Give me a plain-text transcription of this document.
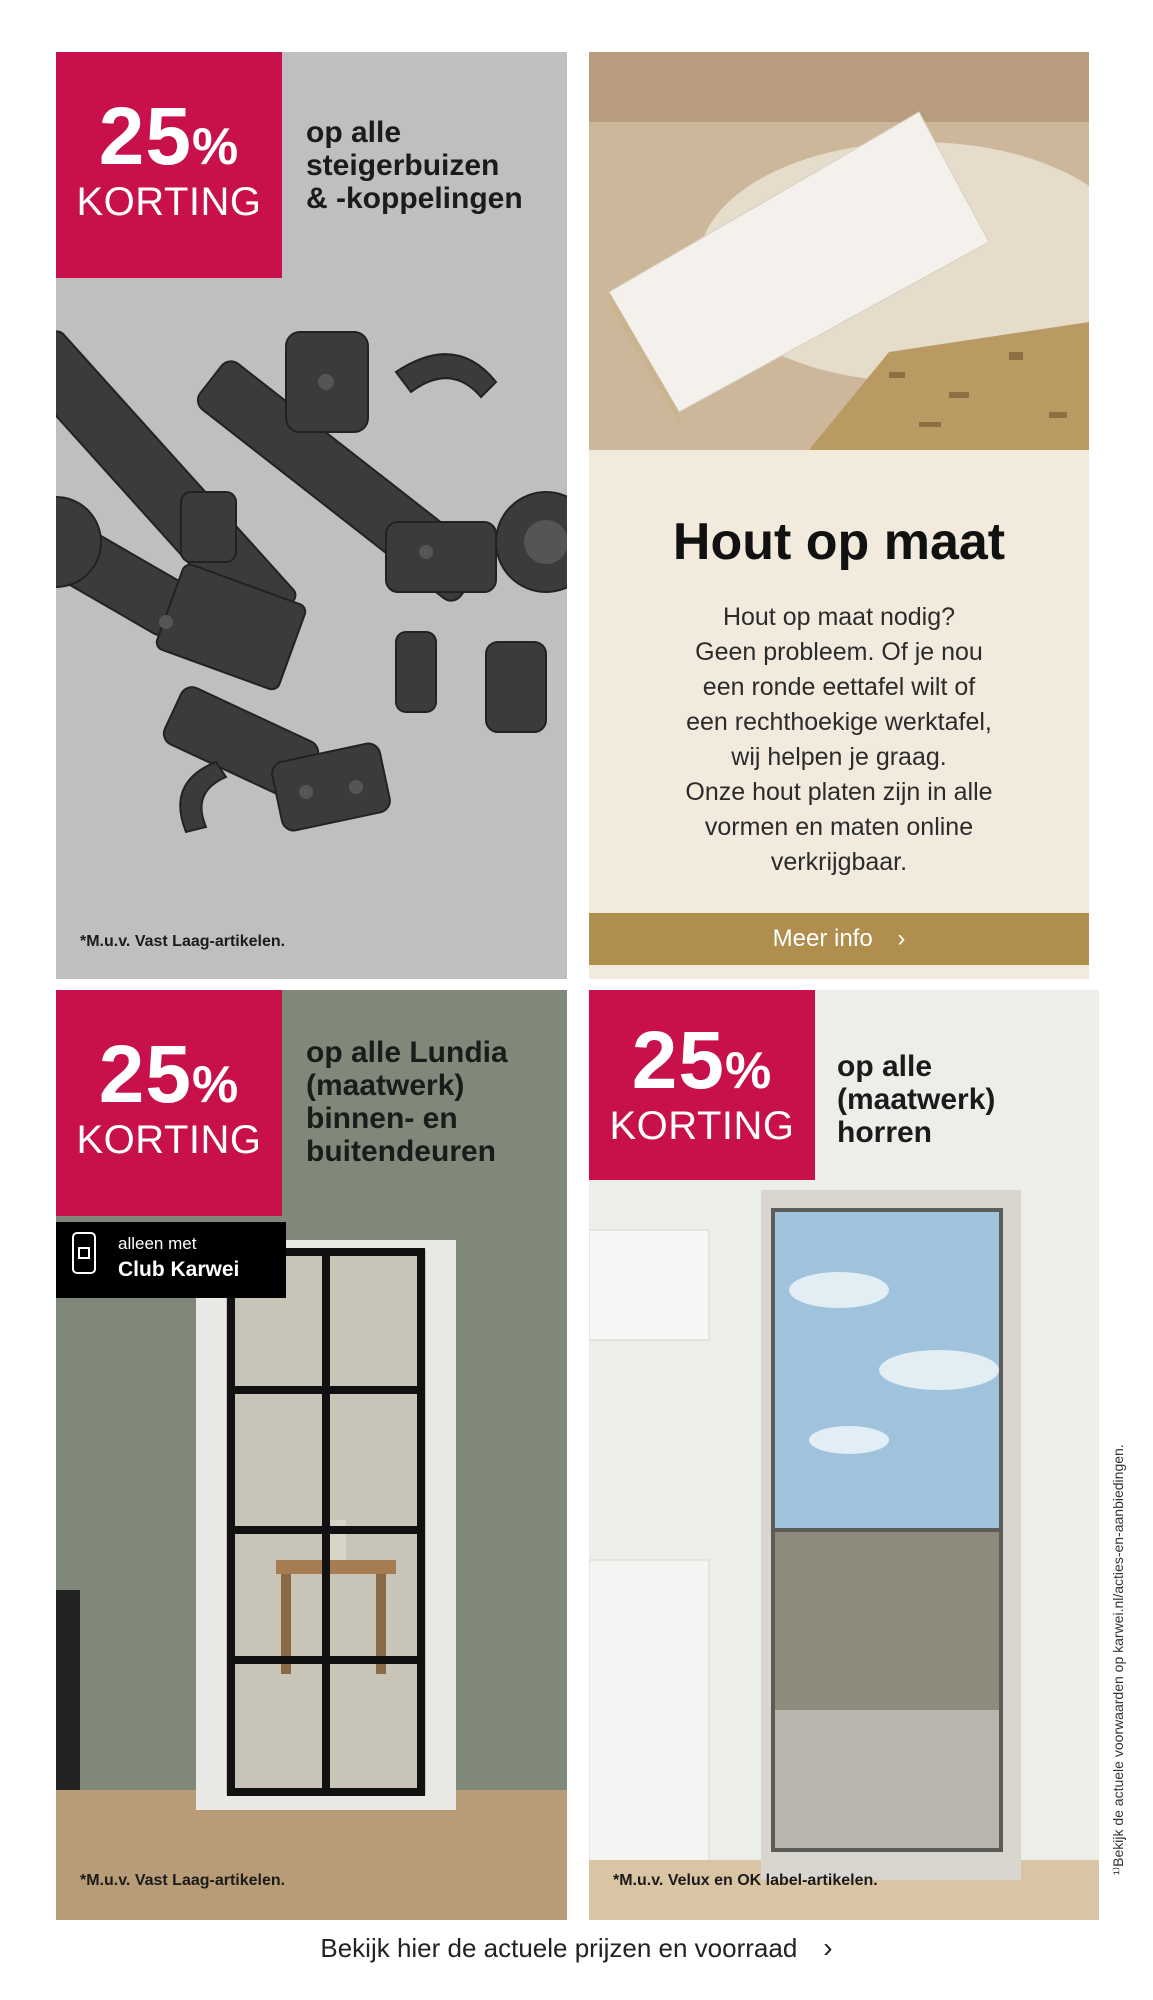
25%
KORTING
op alle
steigerbuizen
& -koppelingen
*M.u.v. Vast Laag-artikelen.
Hout op maat
Hout op maat nodig?
Geen probleem. Of je nou
een ronde eettafel wilt of
een rechthoekige werktafel,
wij helpen je graag.
Onze hout platen zijn in alle
vormen en maten online
verkrijgbaar.
Meer info ›
25%
KORTING
op alle Lundia
(maatwerk)
binnen- en
buitendeuren
alleen met
Club Karwei
*M.u.v. Vast Laag-artikelen.
25%
KORTING
op alle
(maatwerk)
horren
*M.u.v. Velux en OK label-artikelen.
¹⁾Bekijk de actuele voorwaarden op karwei.nl/acties-en-aanbiedingen.
Bekijk hier de actuele prijzen en voorraad ›
